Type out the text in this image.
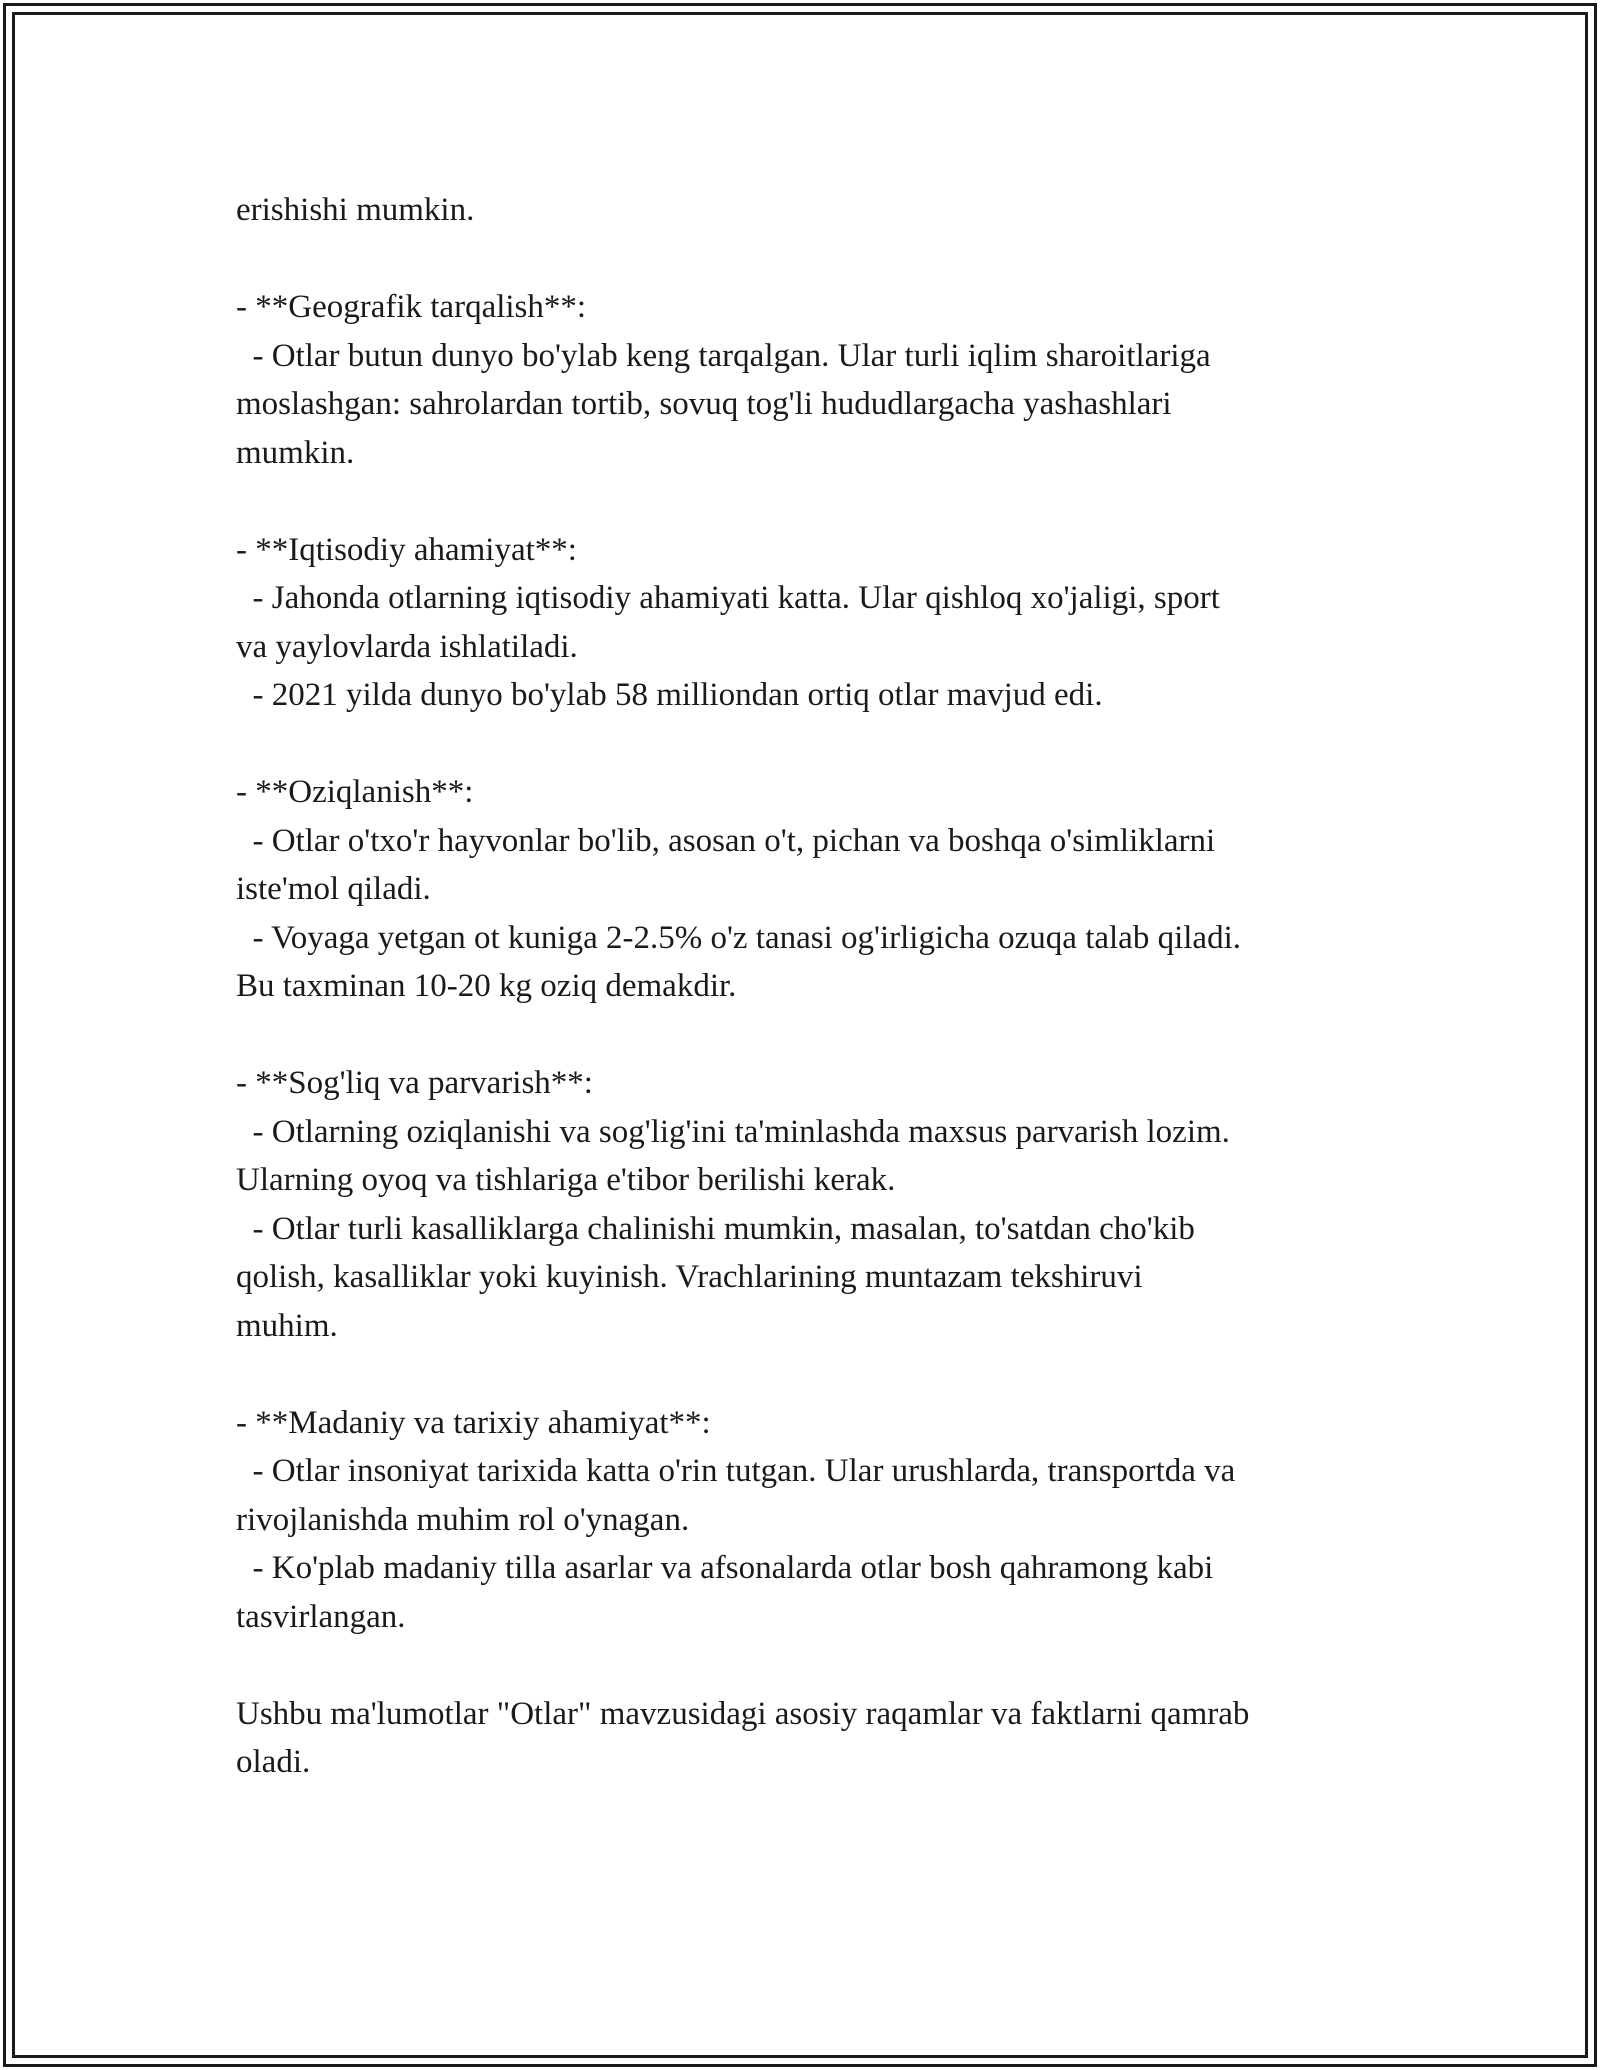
erishishi mumkin.
- **Geografik tarqalish**:
- Otlar butun dunyo bo'ylab keng tarqalgan. Ular turli iqlim sharoitlariga
moslashgan: sahrolardan tortib, sovuq tog'li hududlargacha yashashlari
mumkin.
- **Iqtisodiy ahamiyat**:
- Jahonda otlarning iqtisodiy ahamiyati katta. Ular qishloq xo'jaligi, sport
va yaylovlarda ishlatiladi.
- 2021 yilda dunyo bo'ylab 58 milliondan ortiq otlar mavjud edi.
- **Oziqlanish**:
- Otlar o'txo'r hayvonlar bo'lib, asosan o't, pichan va boshqa o'simliklarni
iste'mol qiladi.
- Voyaga yetgan ot kuniga 2-2.5% o'z tanasi og'irligicha ozuqa talab qiladi.
Bu taxminan 10-20 kg oziq demakdir.
- **Sog'liq va parvarish**:
- Otlarning oziqlanishi va sog'lig'ini ta'minlashda maxsus parvarish lozim.
Ularning oyoq va tishlariga e'tibor berilishi kerak.
- Otlar turli kasalliklarga chalinishi mumkin, masalan, to'satdan cho'kib
qolish, kasalliklar yoki kuyinish. Vrachlarining muntazam tekshiruvi
muhim.
- **Madaniy va tarixiy ahamiyat**:
- Otlar insoniyat tarixida katta o'rin tutgan. Ular urushlarda, transportda va
rivojlanishda muhim rol o'ynagan.
- Ko'plab madaniy tilla asarlar va afsonalarda otlar bosh qahramong kabi
tasvirlangan.
Ushbu ma'lumotlar "Otlar" mavzusidagi asosiy raqamlar va faktlarni qamrab
oladi.
